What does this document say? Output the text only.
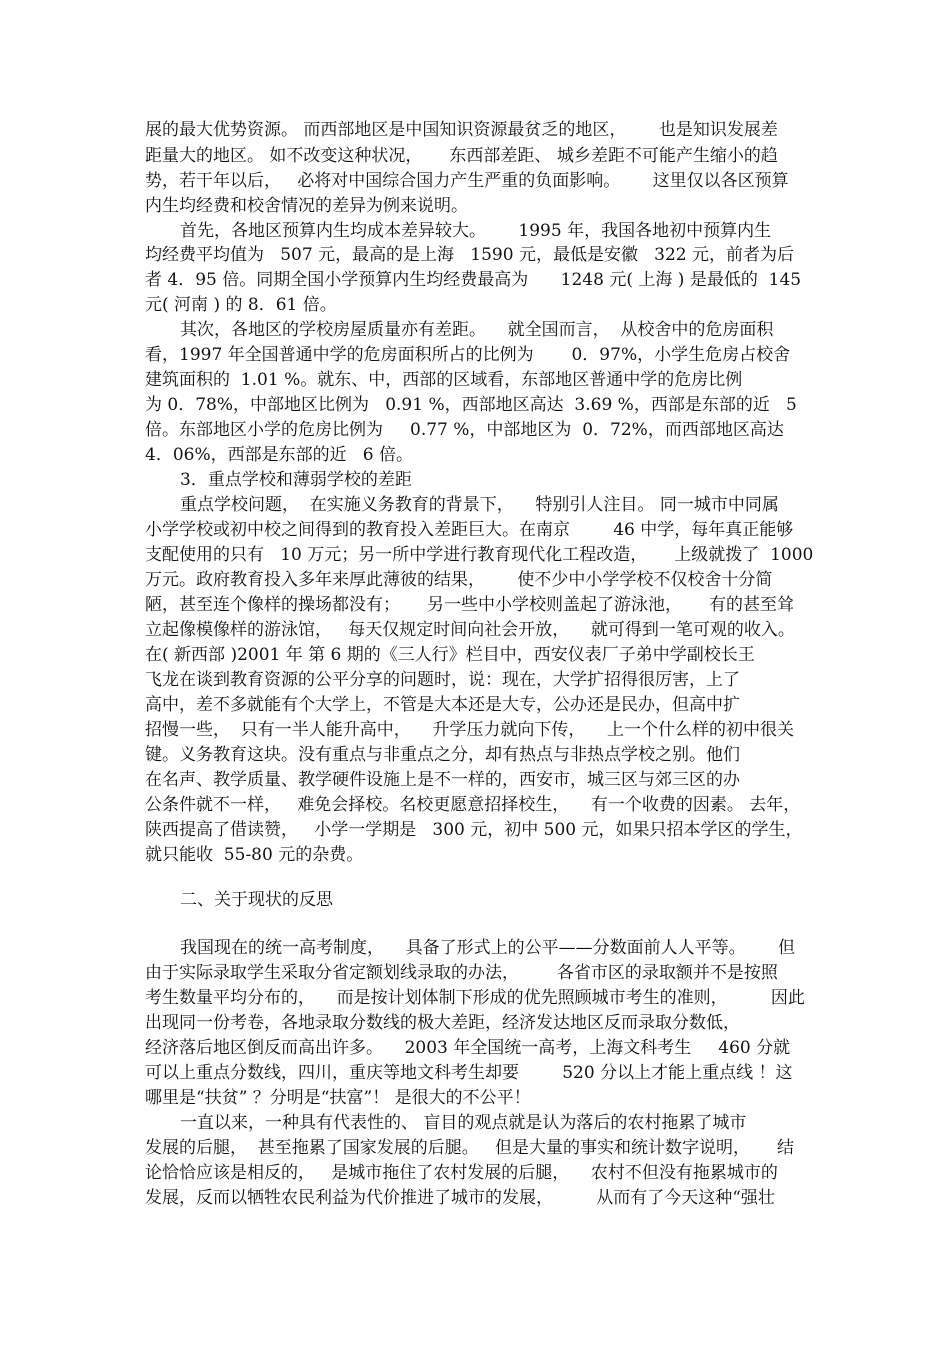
展的最大优势资源。 而西部地区是中国知识资源最贫乏的地区，      也是知识发展差
距量大的地区。 如不改变这种状况，     东西部差距、 城乡差距不可能产生缩小的趋
势，若干年以后，   必将对中国综合国力产生严重的负面影响。      这里仅以各区预算
内生均经费和校舍情况的差异为例来说明。
首先，各地区预算内生均成本差异较大。      1995 年，我国各地初中预算内生
均经费平均值为   507 元，最高的是上海   1590 元，最低是安徽   322 元，前者为后
者 4．95 倍。同期全国小学预算内生均经费最高为      1248 元( 上海 ) 是最低的  145
元( 河南 ) 的 8．61 倍。
其次，各地区的学校房屋质量亦有差距。    就全国而言，  从校舍中的危房面积
看，1997 年全国普通中学的危房面积所占的比例为       0．97%，小学生危房占校舍
建筑面积的  1.01 %。就东、中，西部的区域看，东部地区普通中学的危房比例
为 0．78%，中部地区比例为   0.91 %，西部地区高达  3.69 %，西部是东部的近   5
倍。东部地区小学的危房比例为     0.77 %，中部地区为  0．72%，而西部地区高达
4．06%，西部是东部的近   6 倍。
3．重点学校和薄弱学校的差距
重点学校问题，  在实施义务教育的背景下，    特别引人注目。 同一城市中同属
小学学校或初中校之间得到的教育投入差距巨大。在南京        46 中学，每年真正能够
支配使用的只有   10 万元；另一所中学进行教育现代化工程改造，     上级就拨了  1000
万元。政府教育投入多年来厚此薄彼的结果，      使不少中小学学校不仅校舍十分简
陋，甚至连个像样的操场都没有；     另一些中小学校则盖起了游泳池，     有的甚至耸
立起像模像样的游泳馆，   每天仅规定时间向社会开放，    就可得到一笔可观的收入。
在( 新西部 )2001 年 第 6 期的《三人行》栏目中，西安仪表厂子弟中学副校长王
飞龙在谈到教育资源的公平分享的问题时，说：现在，大学扩招得很厉害，上了
高中，差不多就能有个大学上，不管是大本还是大专，公办还是民办，但高中扩
招慢一些，  只有一半人能升高中，    升学压力就向下传，    上一个什么样的初中很关
键。义务教育这块。没有重点与非重点之分，却有热点与非热点学校之别。他们
在名声、教学质量、教学硬件设施上是不一样的，西安市，城三区与郊三区的办
公条件就不一样，   难免会择校。名校更愿意招择校生，    有一个收费的因素。 去年，
陕西提高了借读赞，   小学一学期是   300 元，初中 500 元，如果只招本学区的学生，
就只能收  55-80 元的杂费。
二、关于现状的反思
我国现在的统一高考制度，    具备了形式上的公平——分数面前人人平等。      但
由于实际录取学生采取分省定额划线录取的办法，       各省市区的录取额并不是按照
考生数量平均分布的，    而是按计划体制下形成的优先照顾城市考生的准则，        因此
出现同一份考卷，各地录取分数线的极大差距，经济发达地区反而录取分数低，
经济落后地区倒反而高出许多。    2003 年全国统一高考，上海文科考生     460 分就
可以上重点分数线，四川，重庆等地文科考生却要        520 分以上才能上重点线 ！这
哪里是“扶贫” ？分明是“扶富”！ 是很大的不公平！
一直以来，一种具有代表性的、 盲目的观点就是认为落后的农村拖累了城市
发展的后腿，  甚至拖累了国家发展的后腿。   但是大量的事实和统计数字说明，     结
论恰恰应该是相反的，   是城市拖住了农村发展的后腿，    农村不但没有拖累城市的
发展，反而以牺牲农民利益为代价推进了城市的发展，        从而有了今天这种“强壮
